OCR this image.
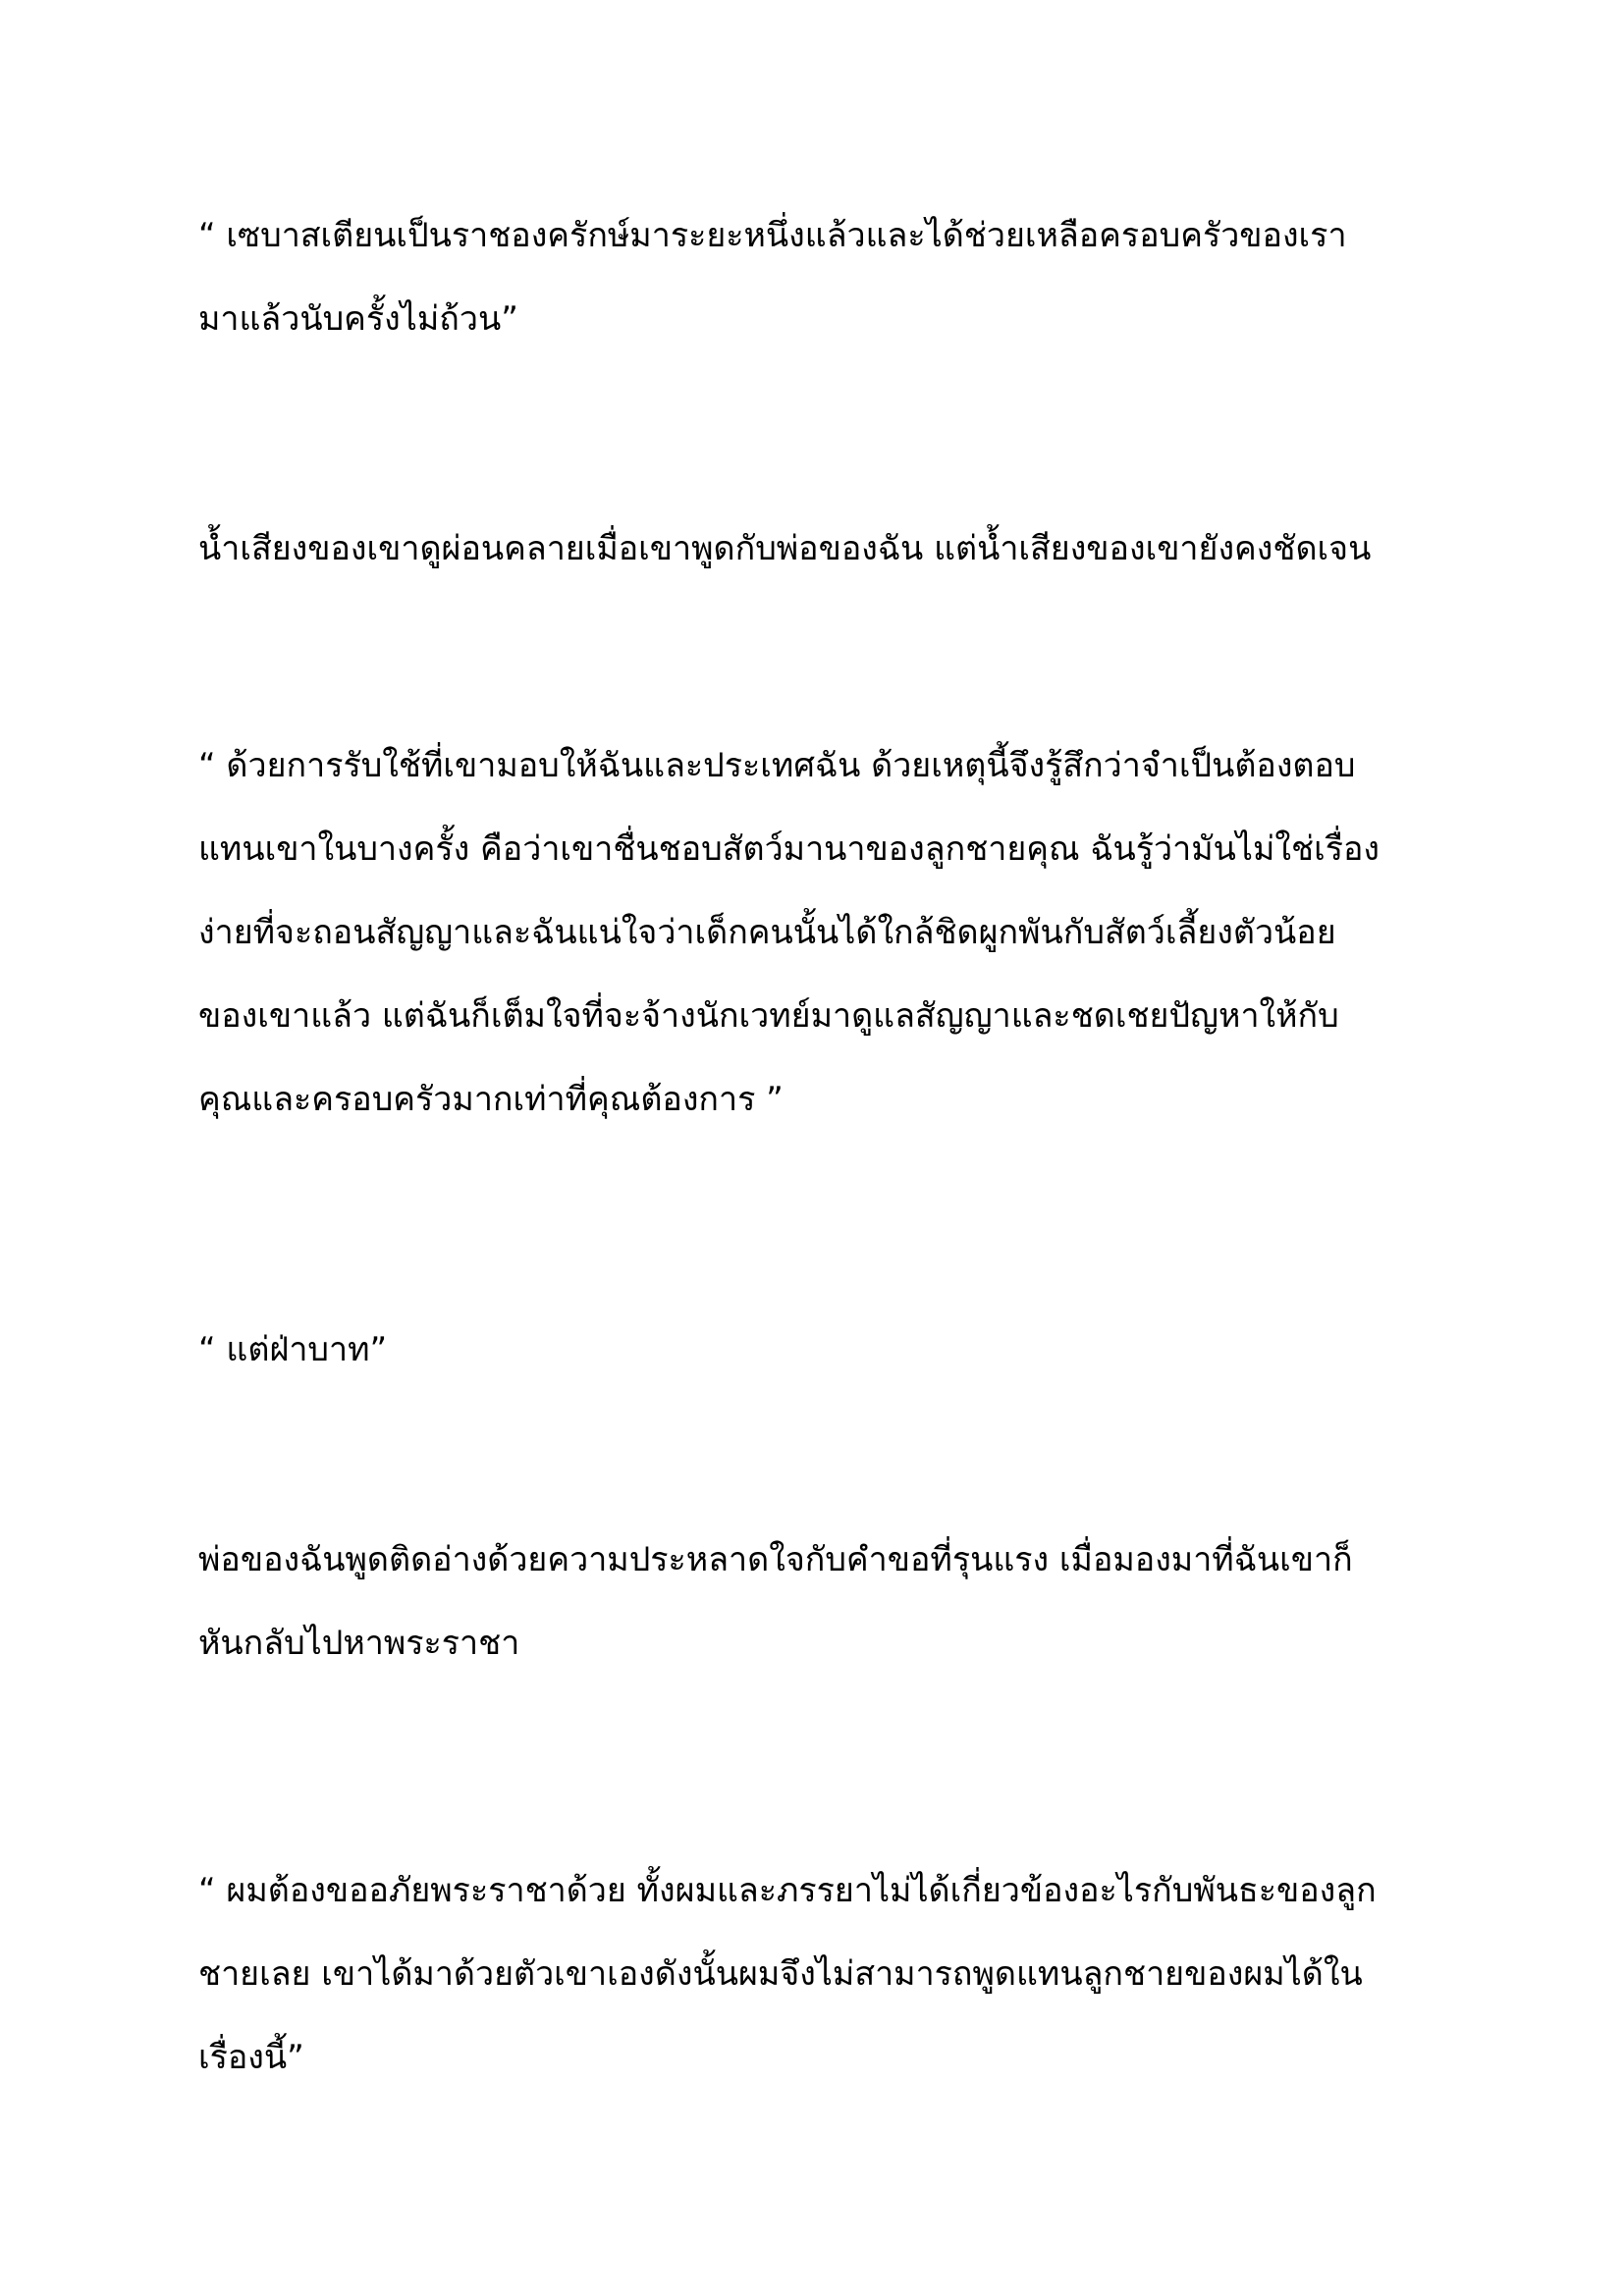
“ เซบาสเตียนเป็นราชองครักษ์มาระยะหนึ่งแล้วและได้ช่วยเหลือครอบครัวของเรา
มาแล้วนับครั้งไม่ถ้วน”

น้ำเสียงของเขาดูผ่อนคลายเมื่อเขาพูดกับพ่อของฉัน แต่น้ำเสียงของเขายังคงชัดเจน

“ ด้วยการรับใช้ที่เขามอบให้ฉันและประเทศฉัน ด้วยเหตุนี้จึงรู้สึกว่าจำเป็นต้องตอบ
แทนเขาในบางครั้ง คือว่าเขาชื่นชอบสัตว์มานาของลูกชายคุณ ฉันรู้ว่ามันไม่ใช่เรื่อง
ง่ายที่จะถอนสัญญาและฉันแน่ใจว่าเด็กคนนั้นได้ใกล้ชิดผูกพันกับสัตว์เลี้ยงตัวน้อย
ของเขาแล้ว แต่ฉันก็เต็มใจที่จะจ้างนักเวทย์มาดูแลสัญญาและชดเชยปัญหาให้กับ
คุณและครอบครัวมากเท่าที่คุณต้องการ ”

“ แต่ฝ่าบาท”

พ่อของฉันพูดติดอ่างด้วยความประหลาดใจกับคำขอที่รุนแรง เมื่อมองมาที่ฉันเขาก็
หันกลับไปหาพระราชา

“ ผมต้องขออภัยพระราชาด้วย ทั้งผมและภรรยาไม่ได้เกี่ยวข้องอะไรกับพันธะของลูก
ชายเลย เขาได้มาด้วยตัวเขาเองดังนั้นผมจึงไม่สามารถพูดแทนลูกชายของผมได้ใน
เรื่องนี้”
